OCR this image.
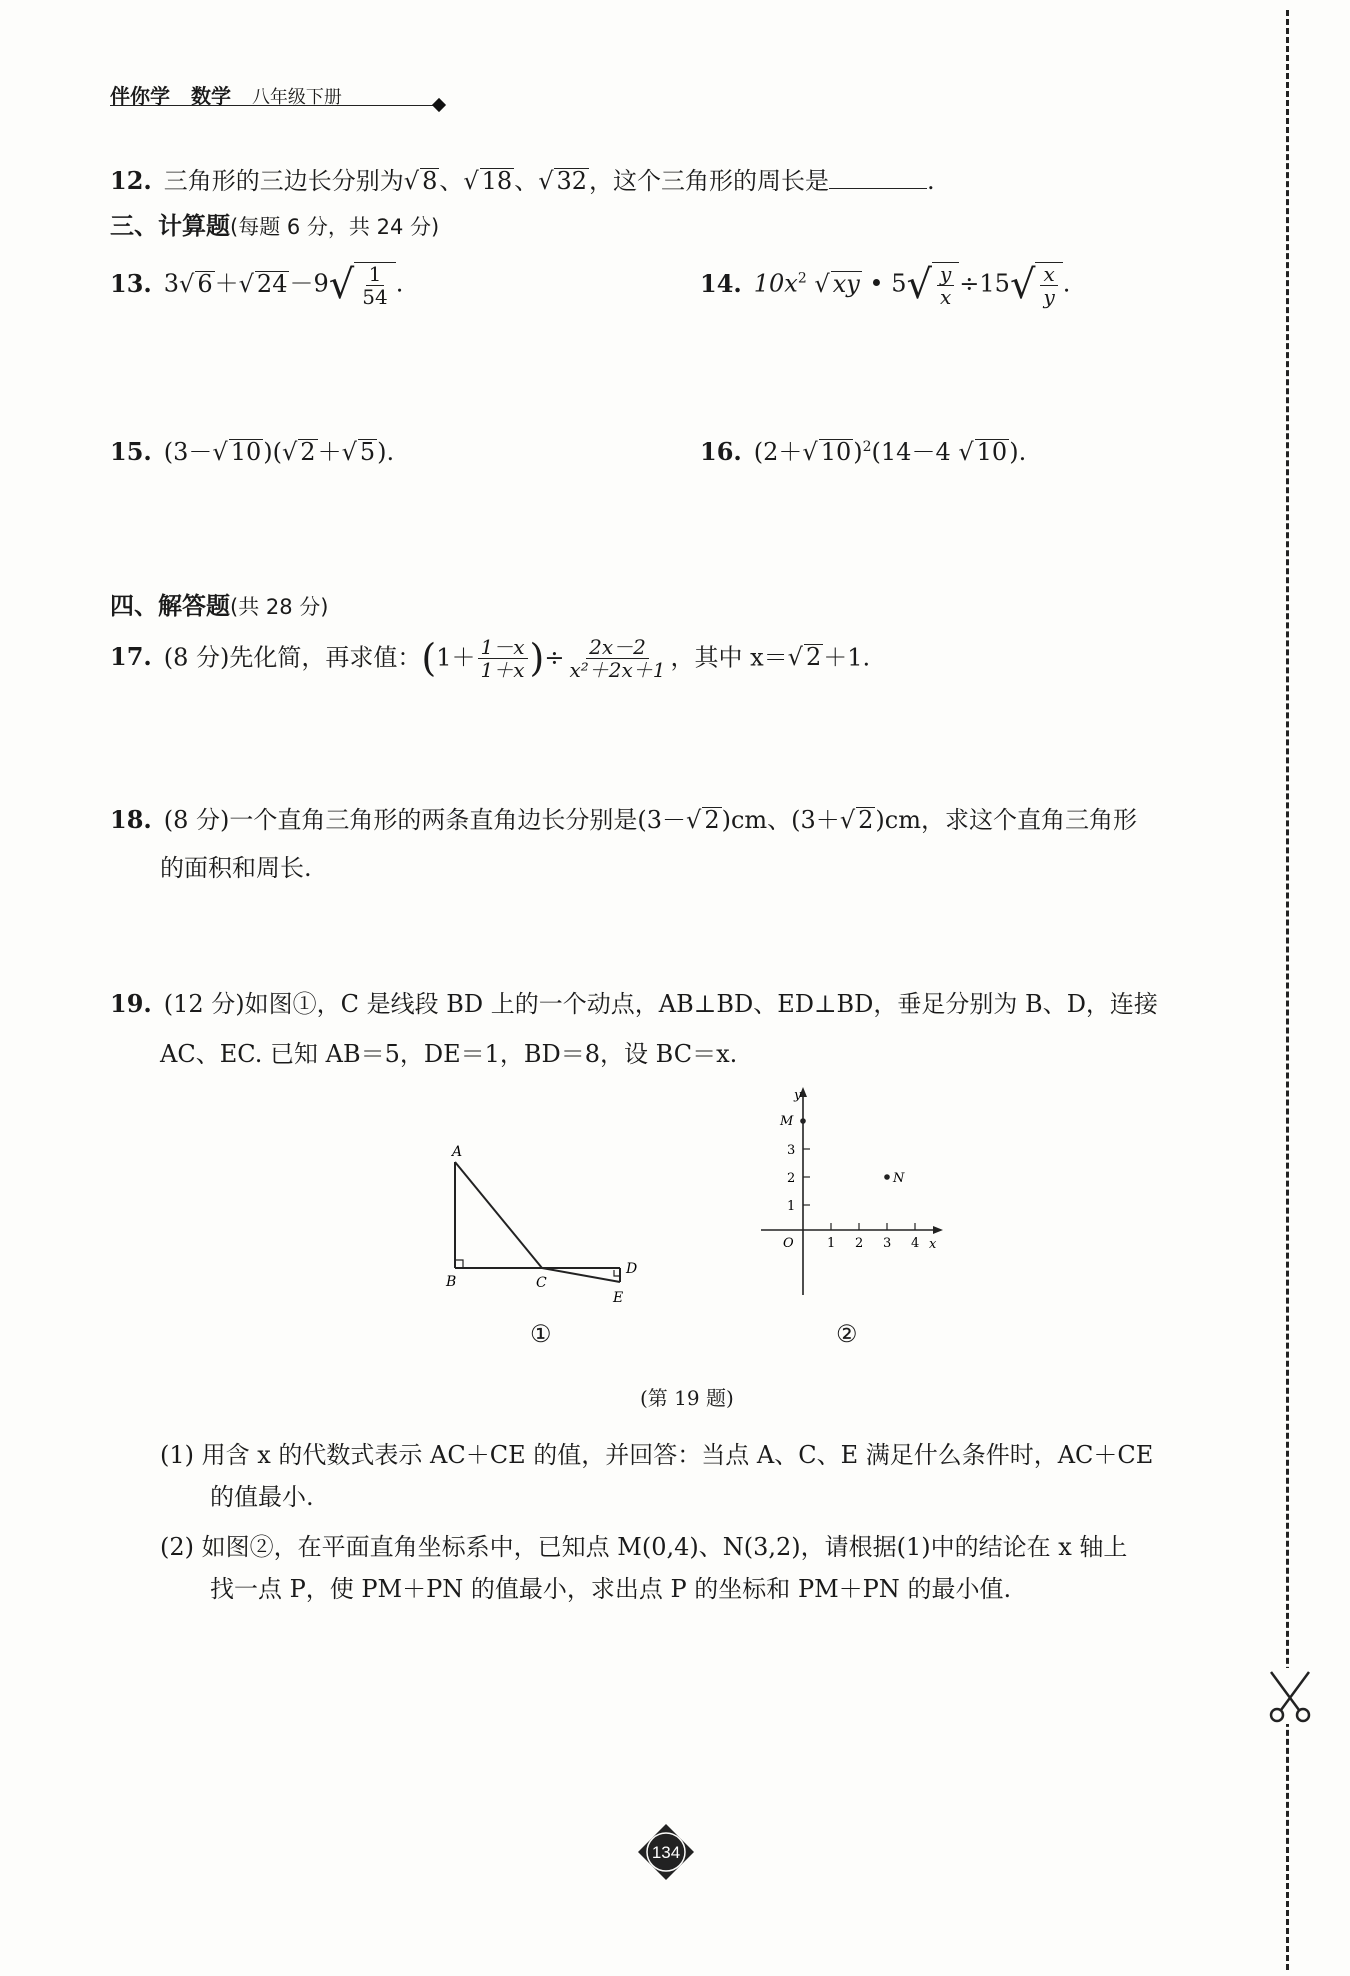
伴你学 数学 八年级下册
12. 三角形的三边长分别为 √ 8、 √ 18、 √ 32，这个三角形的周长是	.
三、计算题(每题 6 分，共 24 分)
13. 3 √ 6＋ √ 24－9 √ $\frac{1}{54}$ .	14. $10x^2$ √ xy • 5 √ $\frac{y}{x} \div 15$ √ $\frac{x}{y}$ .
15. (3－ √ 10)( √ 2＋ √ 5).	16. (2＋ √ 10)$^2$(14－4 √ 10).
四、解答题(共 28 分)
17. (8 分)先化简，再求值：($1+ \frac{1-x}{1+x}$ )÷ $\frac{2x-2}{\text{x²＋2x＋1}}$ ，其中 x＝ √ 2＋1.
18. (8 分)一个直角三角形的两条直角边长分别是(3－ √ 2)cm、(3＋ √ 2)cm，求这个直角三角形
的面积和周长.
19. (12 分)如图①，C 是线段 BD 上的一个动点，AB⊥BD、ED⊥BD，垂足分别为 B、D，连接
AC、EC. 已知 AB＝5，DE＝1，BD＝8，设 BC＝x.
A
B	C
D
E
①
y
x
O
M
N
3
2
1
1 2 3 4
②
(第 19 题)
(1) 用含 x 的代数式表示 AC＋CE 的值，并回答：当点 A、C、E 满足什么条件时，AC＋CE
的值最小.
(2) 如图②，在平面直角坐标系中，已知点 M(0,4)、N(3,2)，请根据(1)中的结论在 x 轴上
找一点 P，使 PM＋PN 的值最小，求出点 P 的坐标和 PM＋PN 的最小值.
134
